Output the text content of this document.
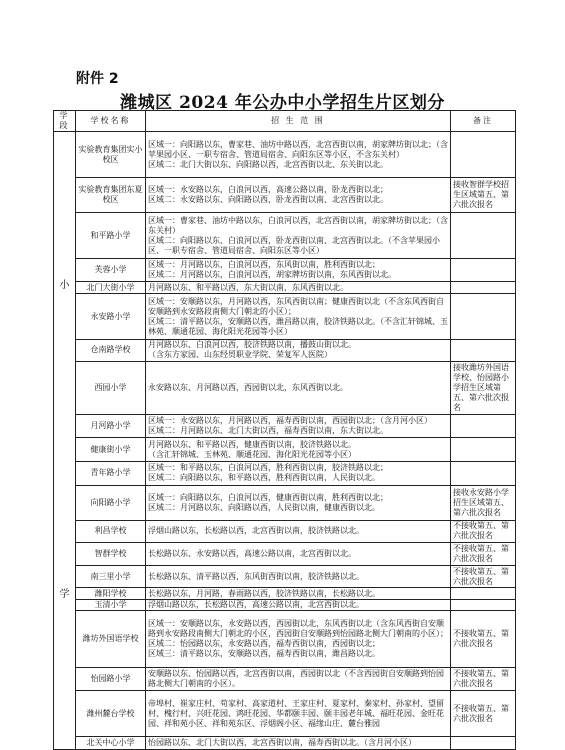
附件 2
潍城区 2024 年公办中小学招生片区划分
学段	学校名称	招 生 范 围	备注

小
学	实验教育集团实小校区	区域一：向阳路以东，曹家巷、油坊中路以西，北宫西街以南，胡家牌坊街以北；（含苹果园小区、一职专宿舍、管道局宿舍、向阳东区等小区，不含东关村）
区域二：北门大街以东、向阳路以西，北宫西街以北、东关街以北。	

	实验教育集团东夏校区	区域一：永安路以东，白浪河以西，高速公路以南，卧龙西街以北；
区域二：永安路以东、向阳路以西，卧龙西街以南、北宫西街以北。	接收智群学校招生区域第五、第六批次报名
	和平路小学	区域一：曹家巷、油坊中路以东，白浪河以西，北宫西街以南，胡家牌坊街以北；（含东关村）
区域二：向阳路以东、白浪河以西，卧龙西街以南、北宫西街以北。（不含苹果园小区、一职专宿舍、管道局宿舍、向阳东区等小区）	

	芙蓉小学	区域一：月河路以东，白浪河以西，东风街以南，胜利西街以北；
区域二：月河路以东，白浪河以西，胡家牌坊街以南，东风西街以北。	

	北门大街小学	月河路以东、和平路以西，东大街以南，东风西街以北。	

	永安路小学	区域一：安顺路以东，月河路以西，东风西街以南；健康西街以北（不含东风西街自安顺路到永安路段南侧大门朝北的小区）；
区域二：清平路以东，安顺路以西，潍昌路以南，胶济铁路以北。（不含汇轩锦城、玉林苑、顺通花园、海化阳光花园等小区）	

	仓南路学校	月河路以东、白浪河以西，胶济铁路以南，播鼓山街以北。
（含东方家园、山东经贸职业学院、荣复军人医院）	

	西园小学	永安路以东、月河路以西，西园街以北，东风西街以北。	接收潍坊外国语学校、怡园路小学招生区域第五、第六批次报名
	月河路小学	区域一：永安路以东，月河路以西，福寿西街以南，西园街以北；（含月河小区）
区域二：月河路以东、北门大街以西，福寿西街以南，东大街以北。	

	健康街小学	月河路以东、和平路以西，健康西街以南，胶济铁路以北。
（含汇轩锦城、玉林苑、顺通花园、海化阳光花园等小区）	

	青年路小学	区域一：和平路以东，白浪河以西，胜利西街以南，胶济铁路以北；
区域二：向阳路以东，和平路以西，胜利西街以南，人民街以北。	

	向阳路小学	区域一：向阳路以东，白浪河以西，健康西街以南，胜利西街以北；
区域二：月河路以东、向阳路以西，人民街以南，健康西街以北。	接收永安路小学招生区域第五、第六批次报名
	利昌学校	浮烟山路以东，长松路以西，北宫西街以南，胶济铁路以北。	不接收第五、第六批次报名
	智群学校	长松路以东、永安路以西，高速公路以南，北宫西街以北。	不接收第五、第六批次报名
	南三里小学	长松路以东、清平路以西，东风街西街以南，胶济铁路以北。	不接收第五、第六批次报名
	潍阳学校	长松路以东，月河路，春雨路以西，胶济铁路以南，长松路以北。	

	玉清小学	浮烟山路以东，长松路以西，高速公路以南，北宫西街以北。	

	潍坊外国语学校	区域一：安顺路以东，永安路以西，西园街以北，东风西街以北（含东风西街自安顺路到永安路段南侧大门朝北的小区，西园街自安顺路到怡园路北侧大门朝南的小区）；
区域二：怡园路以东，永安路以西，福寿西街以南，西园街以北；
区域三：清平路以东，安顺路以西，福寿西街以南，潍昌路以北。	不接收第五、第六批次报名
	怡园路小学	安顺路以东、怡园路以西，北宫西街以南，西园街以北（不含西园街自安顺路到怡园路北侧大门朝南的小区）。	不接收第五、第六批次报名
	潍州麓台学校	帝埠村、崔家庄村、苟家村、高家道村、王家庄村、夏家村、秦家村、孙家村、望留村、槐行村、兴旺花园、鸿旺花园、华都颐丰园、颐丰园老年城、福旺花园、金旺花园、祥和苑小区、祥和苑东区、浮烟阁小区、福缘山庄、麓台雅园	不接收第五、第六批次报名
	北关中心小学	怡园路以东、北门大街以西，北宫西街以南，福寿西街以北。（含月河小区）	
